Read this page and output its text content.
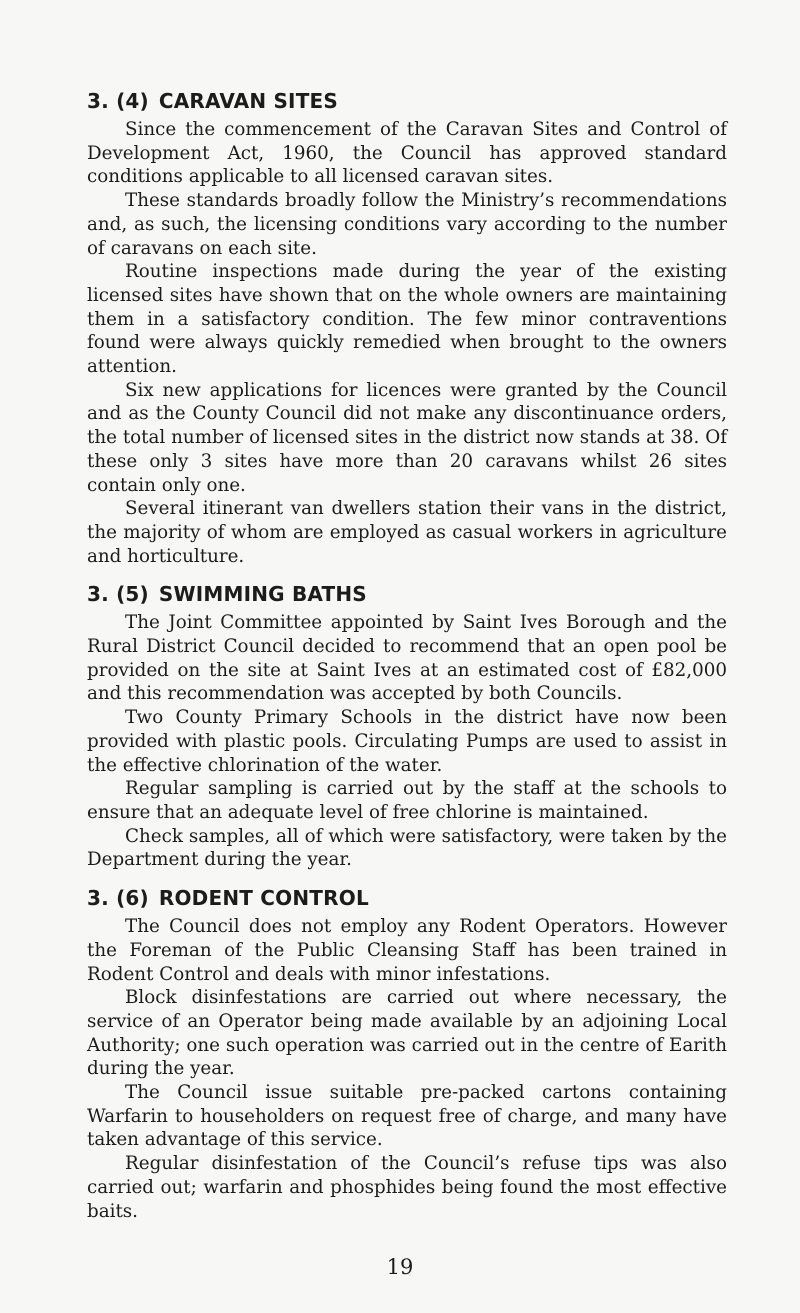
3. (4) CARAVAN SITES

Since the commencement of the Caravan Sites and Control of Development Act, 1960, the Council has approved standard conditions applicable to all licensed caravan sites.

These standards broadly follow the Ministry’s recommendations and, as such, the licensing conditions vary according to the number of caravans on each site.

Routine inspections made during the year of the existing licensed sites have shown that on the whole owners are maintaining them in a satisfactory condition. The few minor contraventions found were always quickly remedied when brought to the owners attention.

Six new applications for licences were granted by the Council and as the County Council did not make any discontinuance orders, the total number of licensed sites in the district now stands at 38. Of these only 3 sites have more than 20 caravans whilst 26 sites contain only one.

Several itinerant van dwellers station their vans in the district, the majority of whom are employed as casual workers in agriculture and horticulture.

3. (5) SWIMMING BATHS

The Joint Committee appointed by Saint Ives Borough and the Rural District Council decided to recommend that an open pool be provided on the site at Saint Ives at an estimated cost of £82,000 and this recommendation was accepted by both Councils.

Two County Primary Schools in the district have now been provided with plastic pools. Circulating Pumps are used to assist in the effective chlorination of the water.

Regular sampling is carried out by the staff at the schools to ensure that an adequate level of free chlorine is maintained.

Check samples, all of which were satisfactory, were taken by the Department during the year.

3. (6) RODENT CONTROL

The Council does not employ any Rodent Operators. However the Foreman of the Public Cleansing Staff has been trained in Rodent Control and deals with minor infestations.

Block disinfestations are carried out where necessary, the service of an Operator being made available by an adjoining Local Authority; one such operation was carried out in the centre of Earith during the year.

The Council issue suitable pre-packed cartons containing Warfarin to householders on request free of charge, and many have taken advantage of this service.

Regular disinfestation of the Council’s refuse tips was also carried out; warfarin and phosphides being found the most effective baits.

19
